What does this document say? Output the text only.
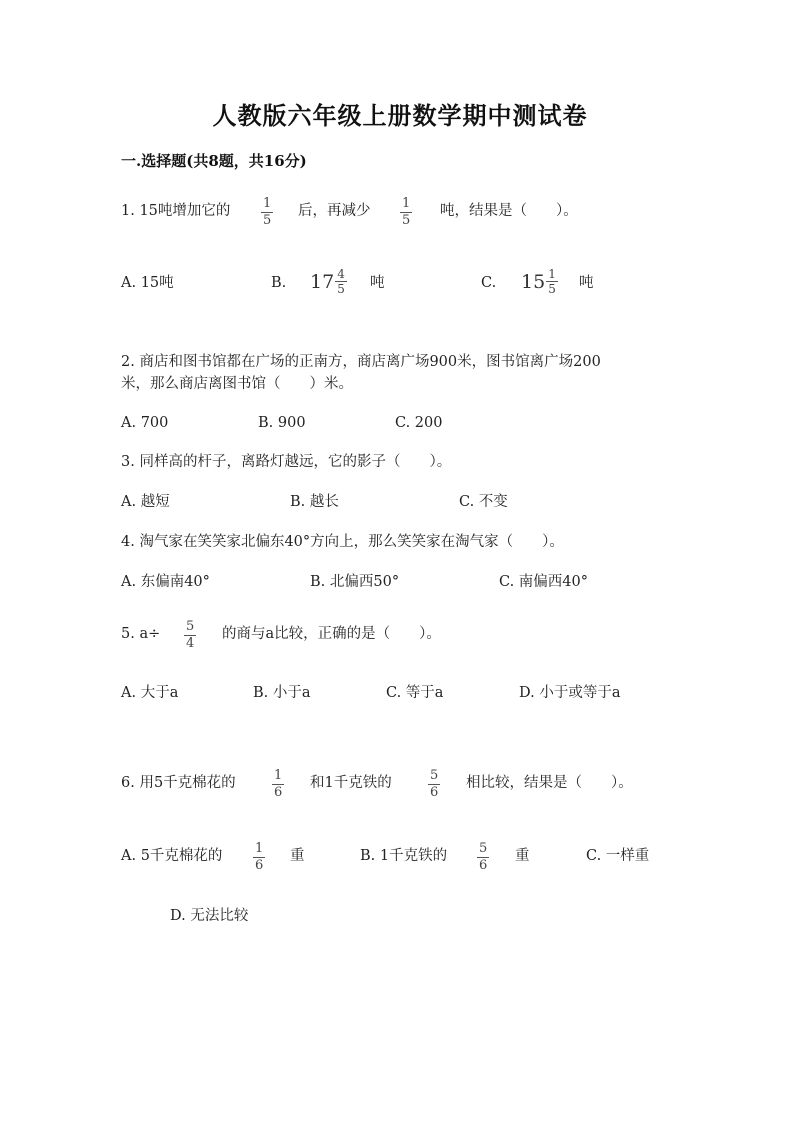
人教版六年级上册数学期中测试卷
一.选择题(共8题，共16分)
1. 15吨增加它的 $\frac{1}{5}$ 后，再减少 $\frac{1}{5}$ 吨，结果是（　　）。
A. 15吨	B. $17 \frac{4}{5}$ 吨	C. $15 \frac{1}{5}$ 吨
2. 商店和图书馆都在广场的正南方，商店离广场900米，图书馆离广场200
米，那么商店离图书馆（　　）米。
A. 700	B. 900	C. 200
3. 同样高的杆子，离路灯越远，它的影子（　　）。
A. 越短	B. 越长	C. 不变
4. 淘气家在笑笑家北偏东40°方向上，那么笑笑家在淘气家（　　）。
A. 东偏南40°	B. 北偏西50°	C. 南偏西40°
5. $a\div \frac{5}{4}$ 的商与a比较，正确的是（　　）。
A. 大于a	B. 小于a	C. 等于a	D. 小于或等于a
6. 用5千克棉花的	$\frac{1}{6}$ 和1千克铁的	$\frac{5}{6}$ 相比较，结果是（　　）。
A. 5千克棉花的 $\frac{1}{6}$ 重	B. 1千克铁的 $\frac{5}{6}$ 重	C. 一样重
D. 无法比较
